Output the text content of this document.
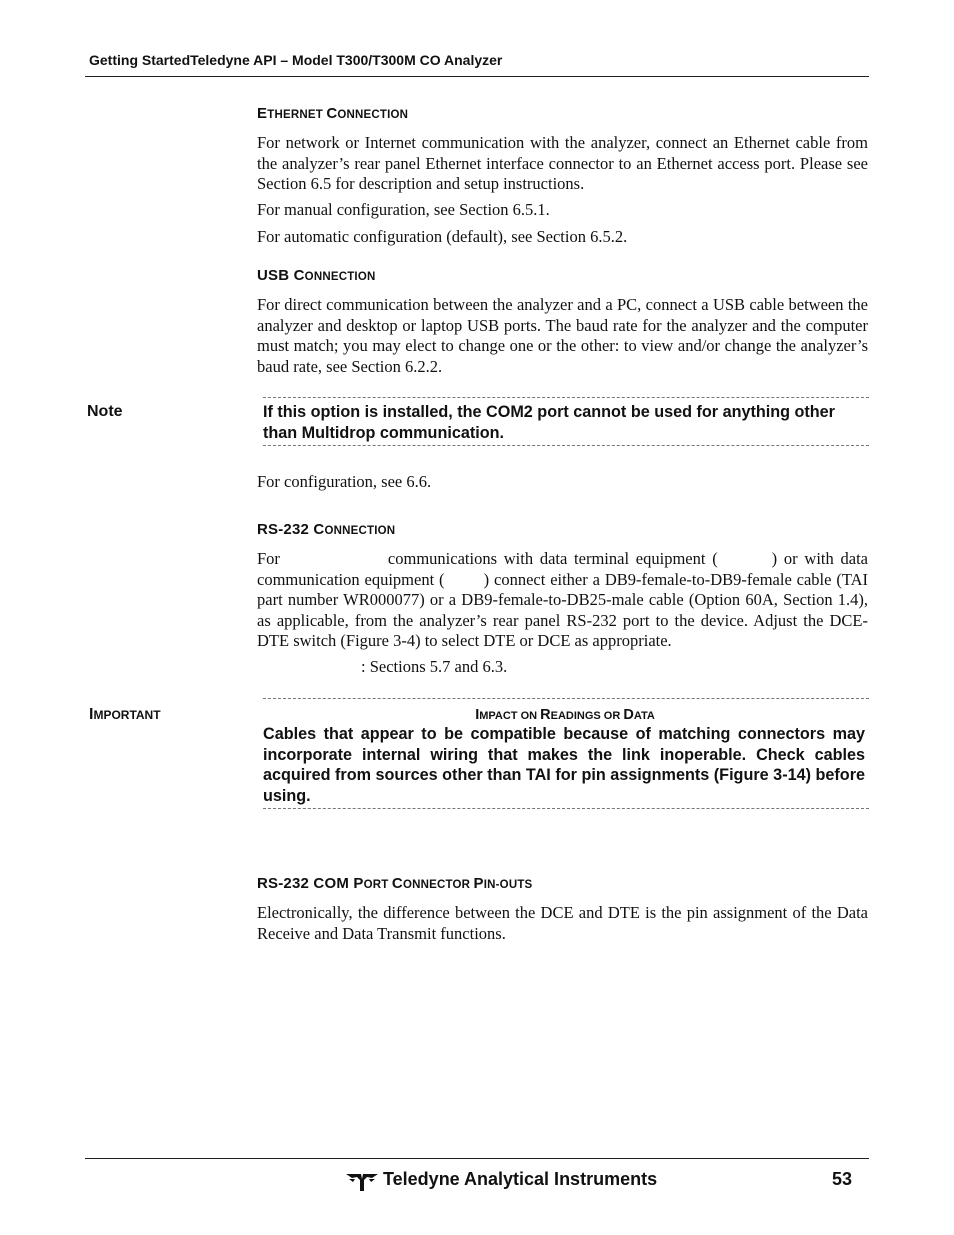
Getting StartedTeledyne API – Model T300/T300M CO Analyzer
ETHERNET CONNECTION
For network or Internet communication with the analyzer, connect an Ethernet cable from the analyzer’s rear panel Ethernet interface connector to an Ethernet access port. Please see Section 6.5 for description and setup instructions.
For manual configuration, see Section 6.5.1.
For automatic configuration (default), see Section 6.5.2.
USB CONNECTION
For direct communication between the analyzer and a PC, connect a USB cable between the analyzer and desktop or laptop USB ports. The baud rate for the analyzer and the computer must match; you may elect to change one or the other: to view and/or change the analyzer’s baud rate, see Section 6.2.2.
Note	If this option is installed, the COM2 port cannot be used for anything other than Multidrop communication.
For configuration, see 6.6.
RS-232 CONNECTION
For                communications with data terminal equipment (        ) or with data communication equipment (        ) connect either a DB9-female-to-DB9-female cable (TAI part number WR000077) or a DB9-female-to-DB25-male cable (Option 60A, Section 1.4), as applicable, from the analyzer’s rear panel RS-232 port to the device. Adjust the DCE-DTE switch (Figure 3-4) to select DTE or DCE as appropriate.
: Sections 5.7 and 6.3.
IMPORTANT	IMPACT ON READINGS OR DATA
Cables that appear to be compatible because of matching connectors may incorporate internal wiring that makes the link inoperable. Check cables acquired from sources other than TAI for pin assignments (Figure 3-14) before using.
RS-232 COM PORT CONNECTOR PIN-OUTS
Electronically, the difference between the DCE and DTE is the pin assignment of the Data Receive and Data Transmit functions.
Teledyne Analytical Instruments	53
